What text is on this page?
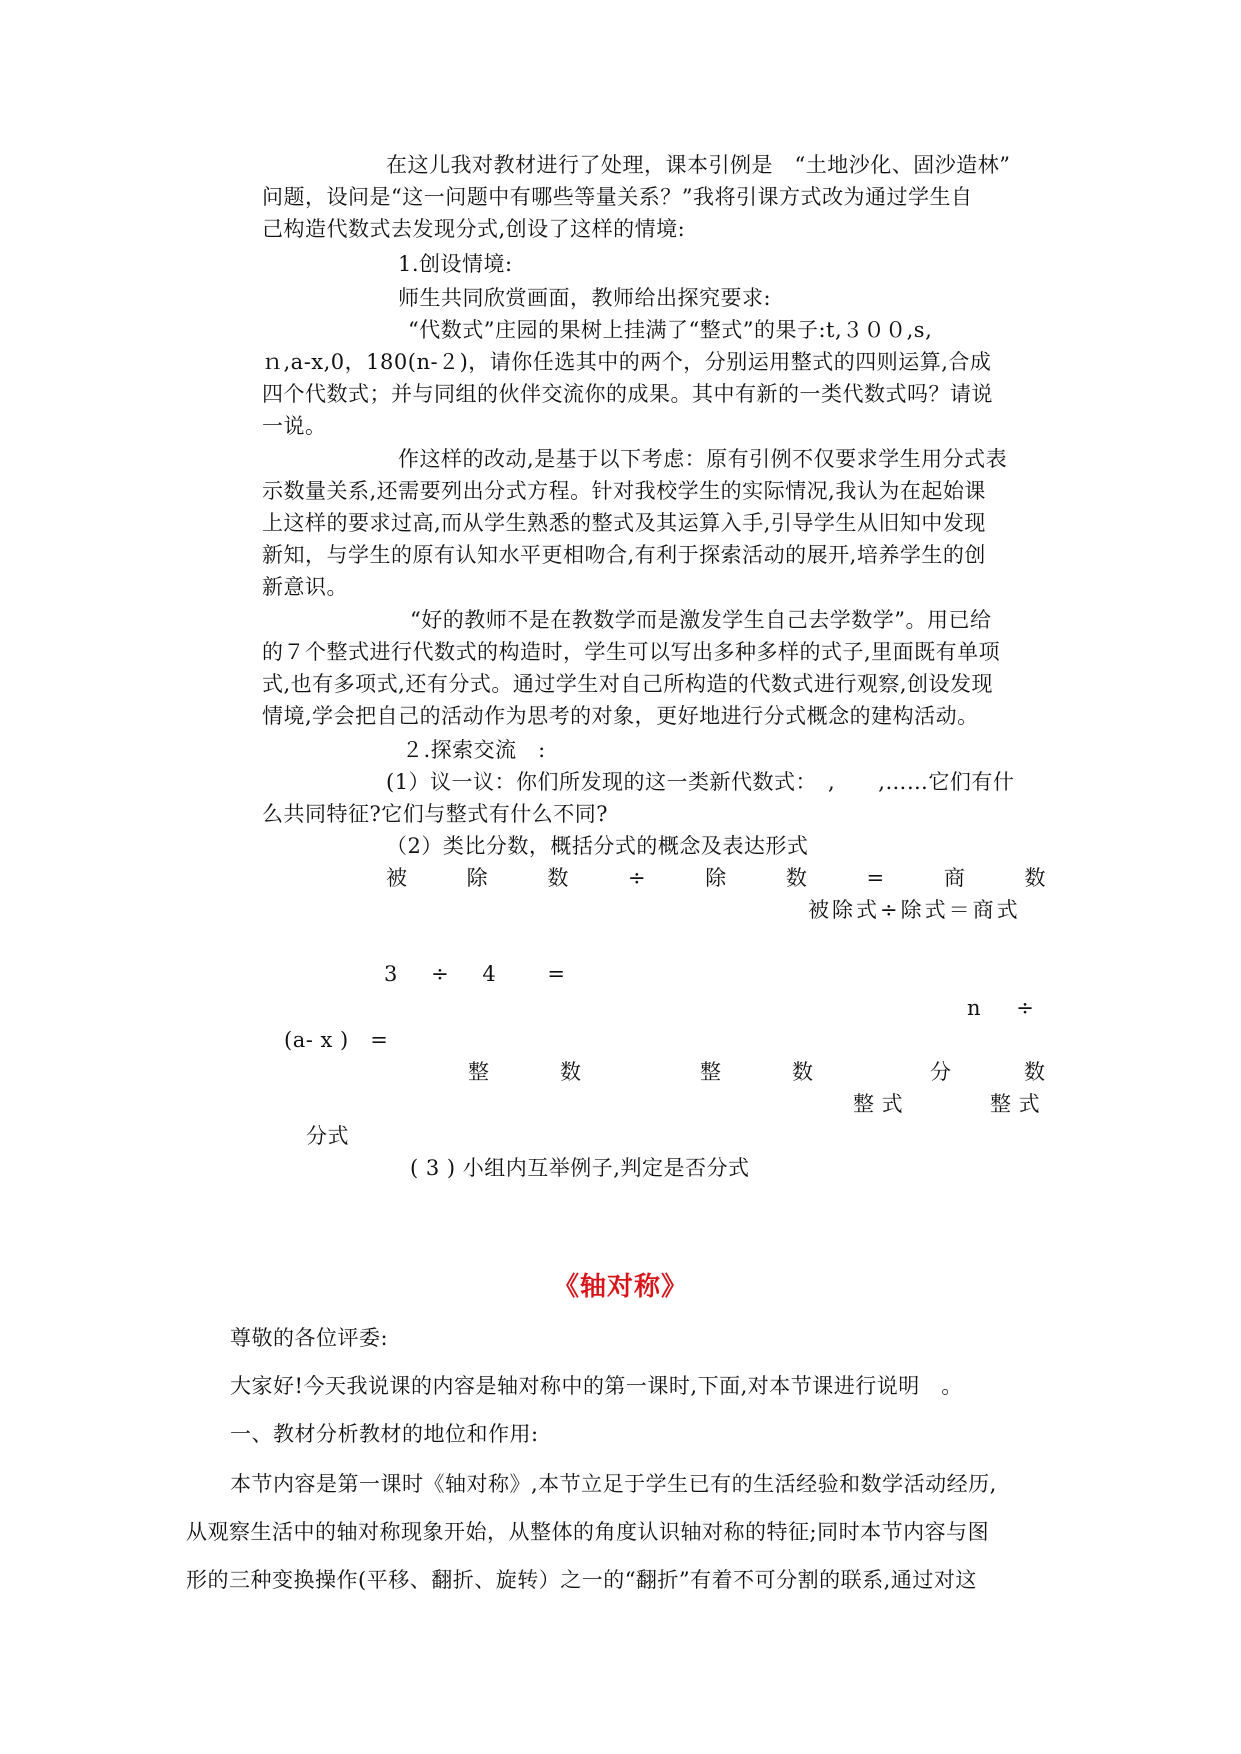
在这儿我对教材进行了处理，课本引例是　“土地沙化、固沙造林”
问题，设问是“这一问题中有哪些等量关系？”我将引课方式改为通过学生自
己构造代数式去发现分式,创设了这样的情境:
1.创设情境:
师生共同欣赏画面，教师给出探究要求:
“代数式”庄园的果树上挂满了“整式”的果子:t,３００,s,
ｎ,a-x,0，180(n-２)，请你任选其中的两个，分别运用整式的四则运算,合成
四个代数式；并与同组的伙伴交流你的成果。其中有新的一类代数式吗？请说
一说。
作这样的改动,是基于以下考虑：原有引例不仅要求学生用分式表
示数量关系,还需要列出分式方程。针对我校学生的实际情况,我认为在起始课
上这样的要求过高,而从学生熟悉的整式及其运算入手,引导学生从旧知中发现
新知，与学生的原有认知水平更相吻合,有利于探索活动的展开,培养学生的创
新意识。
“好的教师不是在教数学而是激发学生自己去学数学”。用已给
的７个整式进行代数式的构造时，学生可以写出多种多样的式子,里面既有单项
式,也有多项式,还有分式。通过学生对自己所构造的代数式进行观察,创设发现
情境,学会把自己的活动作为思考的对象，更好地进行分式概念的建构活动。
２.探索交流　:
(1）议一议：你们所发现的这一类新代数式：　,　　,……它们有什
么共同特征?它们与整式有什么不同?
（2）类比分数，概括分式的概念及表达形式
被	除	数	÷	除	数	=	商	数
被除式÷除式＝商式
3 ÷ 4 =
n ÷
(a- x )　=
整	数	整	数	分	数
整 式	整 式
分式
( 3 ) 小组内互举例子,判定是否分式
《轴对称》
尊敬的各位评委:
大家好!今天我说课的内容是轴对称中的第一课时,下面,对本节课进行说明　。
一、教材分析教材的地位和作用:
本节内容是第一课时《轴对称》,本节立足于学生已有的生活经验和数学活动经历,
从观察生活中的轴对称现象开始，从整体的角度认识轴对称的特征;同时本节内容与图
形的三种变换操作(平移、翻折、旋转）之一的“翻折”有着不可分割的联系,通过对这
